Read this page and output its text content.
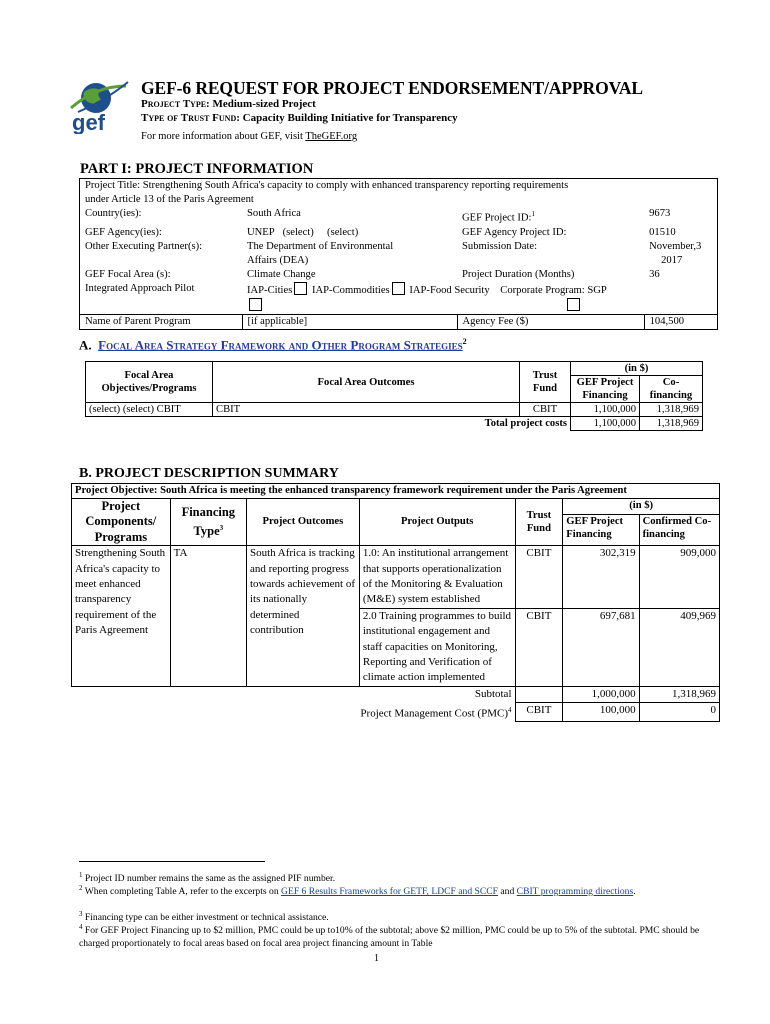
gef
GEF-6 REQUEST FOR PROJECT ENDORSEMENT/APPROVAL
Project Type: Medium-sized Project
Type of Trust Fund: Capacity Building Initiative for Transparency
For more information about GEF, visit TheGEF.org
PART I: PROJECT INFORMATION
Project Title: Strengthening South Africa's capacity to comply with enhanced transparency reporting requirements
under Article 13 of the Paris Agreement			
Country(ies):	South Africa	GEF Project ID:$^1$	9673
GEF Agency(ies):	UNEP (select) (select)	GEF Agency Project ID:	01510
Other Executing Partner(s):	The Department of Environmental
Affairs (DEA)	Submission Date:	November,3
2017
GEF Focal Area (s):	Climate Change	Project Duration (Months)	36
Integrated Approach Pilot	IAP-Cities IAP-Commodities IAP-Food Security Corporate Program: SGP		

Name of Parent Program	[if applicable]	Agency Fee ($)	104,500
A. Focal Area Strategy Framework and Other Program Strategies$^2$
Focal Area Objectives/Programs	Focal Area Outcomes	Trust Fund	(in $)	
			GEF Project Financing	Co-financing
(select) (select) CBIT	CBIT	CBIT	1,100,000	1,318,969
	Total project costs		1,100,000	1,318,969
B. PROJECT DESCRIPTION SUMMARY
Project Objective: South Africa is meeting the enhanced transparency framework requirement under the Paris Agreement						
Project Components/ Programs	Financing Type$^3$	Project Outcomes	Project Outputs	Trust Fund	(in $)	
					GEF Project Financing	Confirmed Co-financing
Strengthening South Africa's capacity to meet enhanced transparency requirement of the Paris Agreement	TA	South Africa is tracking and reporting progress towards achievement of its nationally determined contribution	1.0: An institutional arrangement that supports operationalization of the Monitoring & Evaluation (M&E) system established	CBIT	302,319	909,000
			2.0 Training programmes to build institutional engagement and staff capacities on Monitoring, Reporting and Verification of climate action implemented	CBIT	697,681	409,969
Subtotal					1,000,000	1,318,969
Project Management Cost (PMC)$^4$				CBIT	100,000	0
$^1$ Project ID number remains the same as the assigned PIF number.
$^2$ When completing Table A, refer to the excerpts on GEF 6 Results Frameworks for GETF, LDCF and SCCF and CBIT programming directions.
$^3$ Financing type can be either investment or technical assistance.
$^4$ For GEF Project Financing up to $2 million, PMC could be up to10% of the subtotal; above $2 million, PMC could be up to 5% of the subtotal. PMC should be charged proportionately to focal areas based on focal area project financing amount in Table
1
